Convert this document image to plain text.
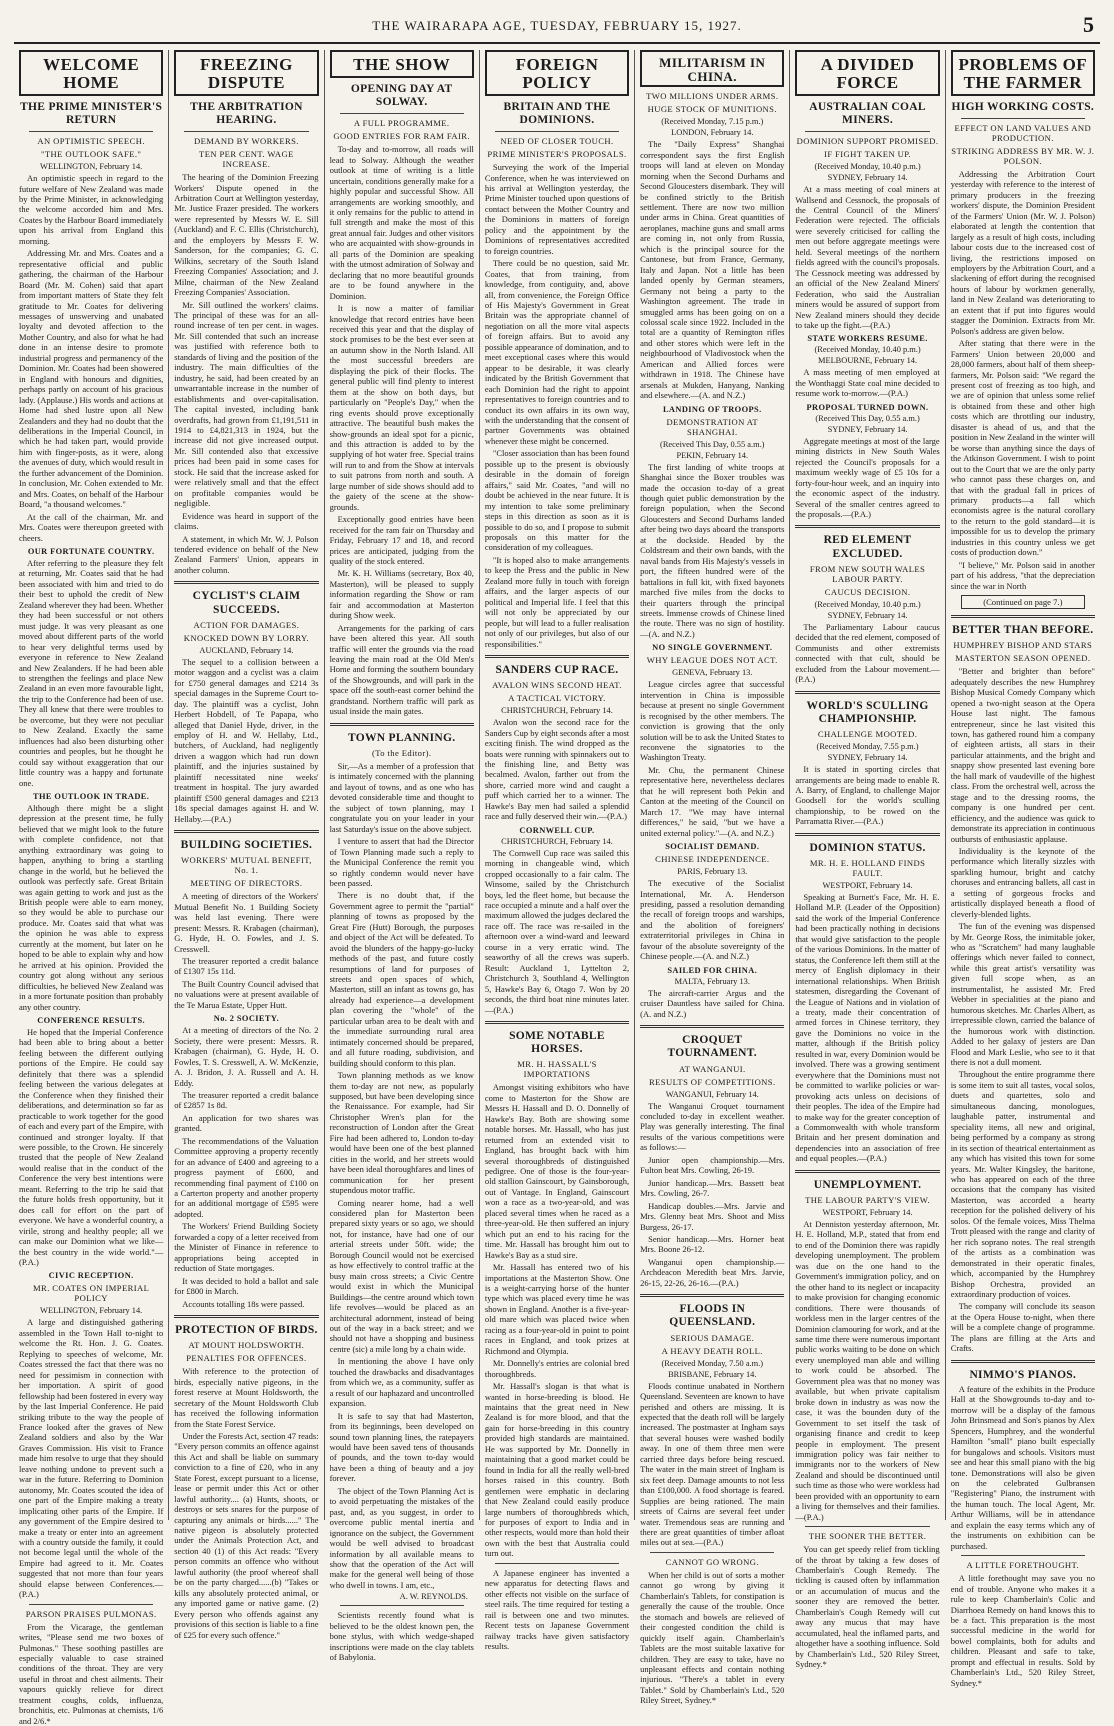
THE WAIRARAPA AGE, TUESDAY, FEBRUARY 15, 1927.	5
WELCOME HOME
THE PRIME MINISTER'S RETURN
AN OPTIMISTIC SPEECH.
"THE OUTLOOK SAFE."
WELLINGTON, February 14.

An optimistic speech in regard to the future welfare of New Zealand was made by the Prime Minister, in acknowledging the welcome accorded him and Mrs. Coates by the Harbour Board immediately upon his arrival from England this morning.

Addressing Mr. and Mrs. Coates and a representative official and public gathering, the chairman of the Harbour Board (Mr. M. Cohen) said that apart from important matters of State they felt gratitude to Mr. Coates for delivering messages of unswerving and unabated loyalty and devoted affection to the Mother Country, and also for what he had done in an intense desire to promote industrial progress and permanency of the Dominion. Mr. Coates had been showered in England with honours and dignities, perhaps partly on account of his gracious lady. (Applause.) His words and actions at Home had shed lustre upon all New Zealanders and they had no doubt that the deliberations in the Imperial Council, in which he had taken part, would provide him with finger-posts, as it were, along the avenues of duty, which would result in the further advancement of the Dominion. In conclusion, Mr. Cohen extended to Mr. and Mrs. Coates, on behalf of the Harbour Board, "a thousand welcomes."

At the call of the chairman, Mr. and Mrs. Coates were thereupon greeted with cheers.

OUR FORTUNATE COUNTRY.

After referring to the pleasure they felt at returning, Mr. Coates said that he had been associated with him and tried to do their best to uphold the credit of New Zealand wherever they had been. Whether they had been successful or not others must judge. It was very pleasant as one moved about different parts of the world to hear very delightful terms used by everyone in reference to New Zealand and New Zealanders. If he had been able to strengthen the feelings and place New Zealand in an even more favourable light, the trip to the Conference had been of use. They all knew that there were troubles to be overcome, but they were not peculiar to New Zealand. Exactly the same influences had also been disturbing other countries and peoples, but he thought he could say without exaggeration that our little country was a happy and fortunate one.

THE OUTLOOK IN TRADE.

Although there might be a slight depression at the present time, he fully believed that we might look to the future with complete confidence, not that anything extraordinary was going to happen, anything to bring a startling change in the world, but he believed the outlook was perfectly safe. Great Britain was again getting to work and just as the British people were able to earn money, so they would be able to purchase our produce. Mr. Coates said that what was the opinion he was able to express currently at the moment, but later on he hoped to be able to explain why and how he arrived at his opinion. Provided the country got along without any serious difficulties, he believed New Zealand was in a more fortunate position than probably any other country.

CONFERENCE RESULTS.

He hoped that the Imperial Conference had been able to bring about a better feeling between the different outlying portions of the Empire. He could say definitely that there was a splendid feeling between the various delegates at the Conference when they finished their deliberations, and determination so far as practicable to work together for the good of each and every part of the Empire, with continued and stronger loyalty. If that were possible, to the Crown. He sincerely trusted that the people of New Zealand would realise that in the conduct of the Conference the very best intentions were meant. Referring to the trip he said that the future holds fresh opportunity, but it does call for effort on the part of everyone. We have a wonderful country, a virile, strong and healthy people; all we can make our Dominion what we like—the best country in the wide world."—(P.A.)

CIVIC RECEPTION.
MR. COATES ON IMPERIAL POLICY
WELLINGTON, February 14.

A large and distinguished gathering assembled in the Town Hall to-night to welcome the Rt. Hon. J. G. Coates. Replying to speeches of welcome, Mr. Coates stressed the fact that there was no need for pessimism in connection with her importation. A spirit of good fellowship had been fostered in every way by the last Imperial Conference. He paid striking tribute to the way the people of France looked after the graves of New Zealand soldiers and also by the War Graves Commission. His visit to France made him resolve to urge that they should leave nothing undone to prevent such a war in the future. Referring to Dominion autonomy, Mr. Coates scouted the idea of one part of the Empire making a treaty implicating other parts of the Empire. If any government of the Empire desired to make a treaty or enter into an agreement with a country outside the family, it could not become legal until the whole of the Empire had agreed to it. Mr. Coates suggested that not more than four years should elapse between Conferences.—(P.A.)

PARSON PRAISES PULMONAS.

From the Vicarage, the gentleman writes, "Please send me two boxes of Pulmonas." These soothing pastilles are especially valuable to case strained conditions of the throat. They are very useful in throat and chest ailments. Their vapours quickly relieve for direct treatment coughs, colds, influenza, bronchitis, etc. Pulmonas at chemists, 1/6 and 2/6.*

FREEZING DISPUTE
THE ARBITRATION HEARING.
DEMAND BY WORKERS.
TEN PER CENT. WAGE INCREASE.

The hearing of the Dominion Freezing Workers' Dispute opened in the Arbitration Court at Wellington yesterday, Mr. Justice Frazer presided. The workers were represented by Messrs W. E. Sill (Auckland) and F. C. Ellis (Christchurch), and the employers by Messrs F. W. Sanderson, for the companies; G. C. Wilkins, secretary of the South Island Freezing Companies' Association; and J. Milne, chairman of the New Zealand Freezing Companies' Association.

Mr. Sill outlined the workers' claims. The principal of these was for an all-round increase of ten per cent. in wages. Mr. Sill contended that such an increase was justified with reference both to standards of living and the position of the industry. The main difficulties of the industry, he said, had been created by an unwarrantable increase in the number of establishments and over-capitalisation. The capital invested, including bank overdrafts, had grown from £1,191,511 in 1914 to £4,821,313 in 1924, but the increase did not give increased output. Mr. Sill contended also that excessive prices had been paid in some cases for stock. He said that the increase asked for were relatively small and that the effect on profitable companies would be negligible.

Evidence was heard in support of the claims.

A statement, in which Mr. W. J. Polson tendered evidence on behalf of the New Zealand Farmers' Union, appears in another column.

CYCLIST'S CLAIM SUCCEEDS.
ACTION FOR DAMAGES.
KNOCKED DOWN BY LORRY.
AUCKLAND, February 14.

The sequel to a collision between a motor waggon and a cyclist was a claim for £750 general damages and £214 3s special damages in the Supreme Court to-day. The plaintiff was a cyclist, John Herbert Hobdell, of Te Papapa, who alleged that Daniel Hyde, driver, in the employ of H. and W. Hellaby, Ltd., butchers, of Auckland, had negligently driven a waggon which had run down plaintiff, and the injuries sustained by plaintiff necessitated nine weeks' treatment in hospital. The jury awarded plaintiff £500 general damages and £213 18s special damages against H. and W. Hellaby.—(P.A.)

BUILDING SOCIETIES.
WORKERS' MUTUAL BENEFIT, No. 1.
MEETING OF DIRECTORS.

A meeting of directors of the Workers' Mutual Benefit No. 1 Building Society was held last evening. There were present: Messrs. R. Krabagen (chairman), G. Hyde, H. O. Fowles, and J. S. Cresswell.

The treasurer reported a credit balance of £1307 15s 11d.

The Built Country Council advised that no valuations were at present available of the Te Marua Estate, Upper Hutt.

No. 2 SOCIETY.

At a meeting of directors of the No. 2 Society, there were present: Messrs. R. Krabagen (chairman), G. Hyde, H. O. Fowles, T. S. Cresswell, A. W. McKenzie, A. J. Bridon, J. A. Russell and A. H. Eddy.

The treasurer reported a credit balance of £2857 1s 8d.

An application for two shares was granted.

The recommendations of the Valuation Committee approving a property recently for an advance of £400 and agreeing to a progress payment of £600, and recommending final payment of £100 on a Carterton property and another property for an additional mortgage of £595 were adopted.

The Workers' Friend Building Society forwarded a copy of a letter received from the Minister of Finance in reference to appropriations being accepted in reduction of State mortgages.

It was decided to hold a ballot and sale for £800 in March.

Accounts totalling 18s were passed.

PROTECTION OF BIRDS.
AT MOUNT HOLDSWORTH.
PENALTIES FOR OFFENCES.

With reference to the protection of birds, especially native pigeons, in the forest reserve at Mount Holdsworth, the secretary of the Mount Holdsworth Club has received the following information from the State Forest Service.

Under the Forests Act, section 47 reads: "Every person commits an offence against this Act and shall be liable on summary conviction to a fine of £20, who in any State Forest, except pursuant to a license, lease or permit under this Act or other lawful authority.... (a) Hunts, shoots, or destroys or sets snares for the purpose of capturing any animals or birds......" The native pigeon is absolutely protected under the Animals Protection Act, and section 40 (1) of this Act reads: "Every person commits an offence who without lawful authority (the proof whereof shall be on the party charged......(b) "Takes or kills any absolutely protected animal, or any imported game or native game. (2) Every person who offends against any provisions of this section is liable to a fine of £25 for every such offence."

THE SHOW
OPENING DAY AT SOLWAY.
A FULL PROGRAMME.
GOOD ENTRIES FOR RAM FAIR.

To-day and to-morrow, all roads will lead to Solway. Although the weather outlook at time of writing is a little uncertain, conditions generally make for a highly popular and successful Show. All arrangements are working smoothly, and it only remains for the public to attend in full strength and make the most of this great annual fair. Judges and other visitors who are acquainted with show-grounds in all parts of the Dominion are speaking with the utmost admiration of Solway and declaring that no more beautiful grounds are to be found anywhere in the Dominion.

It is now a matter of familiar knowledge that record entries have been received this year and that the display of stock promises to be the best ever seen at an autumn show in the North Island. All the most successful breeders are displaying the pick of their flocks. The general public will find plenty to interest them at the show on both days, but particularly on "People's Day," when the ring events should prove exceptionally attractive. The beautiful bush makes the show-grounds an ideal spot for a picnic, and this attraction is added to by the supplying of hot water free. Special trains will run to and from the Show at intervals to suit patrons from north and south. A large number of side shows should add to the gaiety of the scene at the show-grounds.

Exceptionally good entries have been received for the ram fair on Thursday and Friday, February 17 and 18, and record prices are anticipated, judging from the quality of the stock entered.

Mr. K. H. Williams (secretary, Box 40, Masterton), will be pleased to supply information regarding the Show or ram fair and accommodation at Masterton during Show week.

Arrangements for the parking of cars have been altered this year. All south traffic will enter the grounds via the road leaving the main road at the Old Men's Home and forming the southern boundary of the Showgrounds, and will park in the space off the south-east corner behind the grandstand. Northern traffic will park as usual inside the main gates.

TOWN PLANNING.
(To the Editor).

Sir,—As a member of a profession that is intimately concerned with the planning and layout of towns, and as one who has devoted considerable time and thought to the subject of town planning, may I congratulate you on your leader in your last Saturday's issue on the above subject.

I venture to assert that had the Director of Town Planning made such a reply to the Municipal Conference the remit you so rightly condemn would never have been passed.

There is no doubt that, if the Government agree to permit the "partial" planning of towns as proposed by the Great Fire (Hutt) Borough, the purposes and object of the Act will be defeated. To avoid the blunders of the happy-go-lucky methods of the past, and future costly resumptions of land for purposes of streets and open spaces of which, Masterton, still an infant as towns go, has already had experience—a development plan covering the "whole" of the particular urban area to be dealt with and the immediate surrounding rural area intimately concerned should be prepared, and all future roading, subdivision, and building should conform to this plan.

Town planning methods as we know them to-day are not new, as popularly supposed, but have been developing since the Renaissance. For example, had Sir Christopher Wren's plan for the reconstruction of London after the Great Fire had been adhered to, London to-day would have been one of the best planned cities in the world, and her streets would have been ideal thoroughfares and lines of communication for her present stupendous motor traffic.

Coming nearer home, had a well considered plan for Masterton been prepared sixty years or so ago, we should not, for instance, have had one of our arterial streets under 50ft. wide; the Borough Council would not be exercised as how effectively to control traffic at the busy main cross streets; a Civic Centre would exist in which the Municipal Buildings—the centre around which town life revolves—would be placed as an architectural adornment, instead of being out of the way in a back street; and we should not have a shopping and business centre (sic) a mile long by a chain wide.

In mentioning the above I have only touched the drawbacks and disadvantages from which we, as a community, suffer as a result of our haphazard and uncontrolled expansion.

It is safe to say that had Masterton, from its beginnings, been developed on sound town planning lines, the ratepayers would have been saved tens of thousands of pounds, and the town to-day would have been a thing of beauty and a joy forever.

The object of the Town Planning Act is to avoid perpetuating the mistakes of the past, and, as you suggest, in order to overcome public mental inertia and ignorance on the subject, the Government would be well advised to broadcast information by all available means to show that the operation of the Act will make for the general well being of those who dwell in towns. I am, etc.,

A. W. REYNOLDS.

Scientists recently found what is believed to be the oldest known pen, the bone stylus, with which wedge-shaped inscriptions were made on the clay tablets of Babylonia.

FOREIGN POLICY
BRITAIN AND THE DOMINIONS.
NEED OF CLOSER TOUCH.
PRIME MINISTER'S PROPOSALS.

Surveying the work of the Imperial Conference, when he was interviewed on his arrival at Wellington yesterday, the Prime Minister touched upon questions of contact between the Mother Country and the Dominions in matters of foreign policy and the appointment by the Dominions of representatives accredited to foreign countries.

There could be no question, said Mr. Coates, that from training, from knowledge, from contiguity, and, above all, from convenience, the Foreign Office of His Majesty's Government in Great Britain was the appropriate channel of negotiation on all the more vital aspects of foreign affairs. But to avoid any possible appearance of domination, and to meet exceptional cases where this would appear to be desirable, it was clearly indicated by the British Government that each Dominion had the right to appoint representatives to foreign countries and to conduct its own affairs in its own way, with the understanding that the consent of partner Governments was obtained whenever these might be concerned.

"Closer association than has been found possible up to the present is obviously desirable in the domain of foreign affairs," said Mr. Coates, "and will no doubt be achieved in the near future. It is my intention to take some preliminary steps in this direction as soon as it is possible to do so, and I propose to submit proposals on this matter for the consideration of my colleagues.

"It is hoped also to make arrangements to keep the Press and the public in New Zealand more fully in touch with foreign affairs, and the larger aspects of our political and Imperial life. I feel that this will not only be appreciated by our people, but will lead to a fuller realisation not only of our privileges, but also of our responsibilities."

SANDERS CUP RACE.
AVALON WINS SECOND HEAT.
A TACTICAL VICTORY.
CHRISTCHURCH, February 14.

Avalon won the second race for the Sanders Cup by eight seconds after a most exciting finish. The wind dropped as the boats were running with spinnakers out to the finishing line, and Betty was becalmed. Avalon, farther out from the shore, carried more wind and caught a puff which carried her to a winner. The Hawke's Bay men had sailed a splendid race and fully deserved their win.—(P.A.)

CORNWELL CUP.
CHRISTCHURCH, February 14.

The Cornwell Cup race was sailed this morning in changeable wind, which cropped occasionally to a fair calm. The Winsome, sailed by the Christchurch boys, led the fleet home, but because the race occupied a minute and a half over the maximum allowed the judges declared the race off. The race was re-sailed in the afternoon over a wind-ward and leeward course in a very erratic wind. The seaworthy of all the crews was superb. Result: Auckland 1, Lyttelton 2, Christchurch 3, Southland 4, Wellington 5, Hawke's Bay 6, Otago 7. Won by 20 seconds, the third boat nine minutes later.—(P.A.)

SOME NOTABLE HORSES.
MR. H. HASSALL'S IMPORTATIONS

Amongst visiting exhibitors who have come to Masterton for the Show are Messrs H. Hassall and D. O. Donnelly of Hawke's Bay. Both are showing some notable horses. Mr. Hassall, who has just returned from an extended visit to England, has brought back with him several thoroughbreds of distinguished pedigree. One of those is the four-year-old stallion Gainscourt, by Gainsborough, out of Vantage. In England, Gainscourt won a race as a two-year-old, and was placed several times when he raced as a three-year-old. He then suffered an injury which put an end to his racing for the time. Mr. Hassall has brought him out to Hawke's Bay as a stud sire.

Mr. Hassall has entered two of his importations at the Masterton Show. One is a weight-carrying horse of the hunter type which was placed every time he was shown in England. Another is a five-year-old mare which was placed twice when racing as a four-year-old in point to point races in England, and took prizes at Richmond and Olympia.

Mr. Donnelly's entries are colonial bred thoroughbreds.

Mr. Hassall's slogan is that what is wanted in horse-breeding is blood. He maintains that the great need in New Zealand is for more blood, and that the gain for horse-breeding in this country provided high standards are maintained. He was supported by Mr. Donnelly in maintaining that a good market could be found in India for all the really well-bred horses raised in this country. Both gentlemen were emphatic in declaring that New Zealand could easily produce large numbers of thoroughbreds which, for purposes of export to India and in other respects, would more than hold their own with the best that Australia could turn out.

A Japanese engineer has invented a new apparatus for detecting flaws and other effects not visible on the surface of steel rails. The time required for testing a rail is between one and two minutes. Recent tests on Japanese Government railway tracks have given satisfactory results.

MILITARISM IN CHINA.
TWO MILLIONS UNDER ARMS.
HUGE STOCK OF MUNITIONS.
(Received Monday, 7.15 p.m.)
LONDON, February 14.

The "Daily Express" Shanghai correspondent says the first English troops will land at eleven on Monday morning when the Second Durhams and Second Gloucesters disembark. They will be confined strictly to the British settlement. There are now two million under arms in China. Great quantities of aeroplanes, machine guns and small arms are coming in, not only from Russia, which is the principal source for the Cantonese, but from France, Germany, Italy and Japan. Not a little has been landed openly by German steamers, Germany not being a party to the Washington agreement. The trade in smuggled arms has been going on on a colossal scale since 1922. Included in the total are a quantity of Remington rifles and other stores which were left in the neighbourhood of Vladivostock when the American and Allied forces were withdrawn in 1918. The Chinese have arsenals at Mukden, Hanyang, Nanking and elsewhere.—(A. and N.Z.)

LANDING OF TROOPS.
DEMONSTRATION AT SHANGHAI.
(Received This Day, 0.55 a.m.)
PEKIN, February 14.

The first landing of white troops at Shanghai since the Boxer troubles was made the occasion to-day of a great though quiet public demonstration by the foreign population, when the Second Gloucesters and Second Durhams landed after being two days aboard the transports at the dockside. Headed by the Coldstream and their own bands, with the naval bands from His Majesty's vessels in port, the fifteen hundred were of the battalions in full kit, with fixed bayonets marched five miles from the docks to their quarters through the principal streets. Immense crowds of Chinese lined the route. There was no sign of hostility.—(A. and N.Z.)

NO SINGLE GOVERNMENT.
WHY LEAGUE DOES NOT ACT.
GENEVA, February 13.

League circles agree that successful intervention in China is impossible because at present no single Government is recognised by the other members. The conviction is growing that the only solution will be to ask the United States to reconvene the signatories to the Washington Treaty.

Mr. Chu, the permanent Chinese representative here, nevertheless declares that he will represent both Pekin and Canton at the meeting of the Council on March 17. "We may have internal differences," he said, "but we have a united external policy."—(A. and N.Z.)

SOCIALIST DEMAND.
CHINESE INDEPENDENCE.
PARIS, February 13.

The executive of the Socialist International, Mr. A. Henderson presiding, passed a resolution demanding the recall of foreign troops and warships, and the abolition of foreigners' extraterritorial privileges in China in favour of the absolute sovereignty of the Chinese people.—(A. and N.Z.)

SAILED FOR CHINA.
MALTA, February 13.

The aircraft-carrier Argus and the cruiser Dauntless have sailed for China. (A. and N.Z.)

CROQUET TOURNAMENT.
AT WANGANUI.
RESULTS OF COMPETITIONS.
WANGANUI, February 14.

The Wanganui Croquet tournament concluded to-day in excellent weather. Play was generally interesting. The final results of the various competitions were as follows:—

Junior open championship.—Mrs. Fulton beat Mrs. Cowling, 26-19.

Junior handicap.—Mrs. Bassett beat Mrs. Cowling, 26-7.

Handicap doubles.—Mrs. Jarvie and Mrs. Glenny beat Mrs. Shoot and Miss Burgess, 26-17.

Senior handicap.—Mrs. Horner beat Mrs. Boone 26-12.

Wanganui open championship.—Archdeacon Meredith beat Mrs. Jarvie, 26-15, 22-26, 26-16.—(P.A.)

FLOODS IN QUEENSLAND.
SERIOUS DAMAGE.
A HEAVY DEATH ROLL.
(Received Monday, 7.50 a.m.)
BRISBANE, February 14.

Floods continue unabated in Northern Queensland. Seventeen are known to have perished and others are missing. It is expected that the death roll will be largely increased. The postmaster at Ingham says that several houses were washed bodily away. In one of them three men were carried three days before being rescued. The water in the main street of Ingham is six feet deep. Damage amounts to not less than £100,000. A food shortage is feared. Supplies are being rationed. The main streets of Cairns are several feet under water. Tremendous seas are running and there are great quantities of timber afloat miles out at sea.—(P.A.)

CANNOT GO WRONG.

When her child is out of sorts a mother cannot go wrong by giving it Chamberlain's Tablets, for constipation is generally the cause of the trouble. Once the stomach and bowels are relieved of their congested condition the child is quickly itself again. Chamberlain's Tablets are the most suitable laxative for children. They are easy to take, have no unpleasant effects and contain nothing injurious. "There's a tablet in every Tablet." Sold by Chamberlain's Ltd., 520 Riley Street, Sydney.*

A DIVIDED FORCE
AUSTRALIAN COAL MINERS.
DOMINION SUPPORT PROMISED.
IF FIGHT TAKEN UP.
(Received Monday, 10.40 p.m.)
SYDNEY, February 14.

At a mass meeting of coal miners at Wallsend and Cessnock, the proposals of the Central Council of the Miners' Federation were rejected. The officials were severely criticised for calling the men out before aggregate meetings were held. Several meetings of the northern fields agreed with the council's proposals. The Cessnock meeting was addressed by an official of the New Zealand Miners' Federation, who said the Australian miners would be assured of support from New Zealand miners should they decide to take up the fight.—(P.A.)

STATE WORKERS RESUME.
(Received Monday, 10.40 p.m.)
MELBOURNE, February 14.

A mass meeting of men employed at the Wonthaggi State coal mine decided to resume work to-morrow.—(P.A.)

PROPOSAL TURNED DOWN.
(Received This Day, 0.55 a.m.)
SYDNEY, February 14.

Aggregate meetings at most of the large mining districts in New South Wales rejected the Council's proposals for a maximum weekly wage of £5 10s for a forty-four-hour week, and an inquiry into the economic aspect of the industry. Several of the smaller centres agreed to the proposals.—(P.A.)

RED ELEMENT EXCLUDED.
FROM NEW SOUTH WALES LABOUR PARTY.
CAUCUS DECISION.
(Received Monday, 10.40 p.m.)
SYDNEY, February 14.

The Parliamentary Labour caucus decided that the red element, composed of Communists and other extremists connected with that cult, should be excluded from the Labour movement.—(P.A.)

WORLD'S SCULLING CHAMPIONSHIP.
CHALLENGE MOOTED.
(Received Monday, 7.55 p.m.)
SYDNEY, February 14.

It is stated in sporting circles that arrangements are being made to enable R. A. Barry, of England, to challenge Major Goodsell for the world's sculling championship, to be rowed on the Parramatta River.—(P.A.)

DOMINION STATUS.
MR. H. E. HOLLAND FINDS FAULT.
WESTPORT, February 14.

Speaking at Burnett's Face, Mr. H. E. Holland M.P. (Leader of the Opposition) said the work of the Imperial Conference had been practically nothing in decisions that would give satisfaction to the people of the various Dominions. In the matter of status, the Conference left them still at the mercy of English diplomacy in their international relationships. When British statesmen, disregarding the Covenant of the League of Nations and in violation of a treaty, made their concentration of armed forces in Chinese territory, they gave the Dominions no voice in the matter, although if the British policy resulted in war, every Dominion would be involved. There was a growing sentiment everywhere that the Dominions must not be committed to warlike policies or war-provoking acts unless on decisions of their peoples. The idea of the Empire had to make way for the greater conception of a Commonwealth with whole transform Britain and her present domination and dependencies into an association of free and equal peoples.—(P.A.)

UNEMPLOYMENT.
THE LABOUR PARTY'S VIEW.
WESTPORT, February 14.

At Denniston yesterday afternoon, Mr. H. E. Holland, M.P., stated that from end to end of the Dominion there was rapidly developing unemployment. The problem was due on the one hand to the Government's immigration policy, and on the other hand to its neglect or incapacity to make provision for changing economic conditions. There were thousands of workless men in the larger centres of the Dominion clamouring for work, and at the same time there were numerous important public works waiting to be done on which every unemployed man able and willing to work could be absorbed. The Government plea was that no money was available, but when private capitalism broke down in industry as was now the case, it was the bounden duty of the Government to set itself the task of organising finance and credit to keep people in employment. The present immigration policy was fair neither to immigrants nor to the workers of New Zealand and should be discontinued until such time as those who were workless had been provided with an opportunity to earn a living for themselves and their families.—(P.A.)

THE SOONER THE BETTER.

You can get speedy relief from tickling of the throat by taking a few doses of Chamberlain's Cough Remedy. The tickling is caused often by inflammation or an accumulation of mucus and the sooner they are removed the better. Chamberlain's Cough Remedy will cut away any mucus that may have accumulated, heal the inflamed parts, and altogether have a soothing influence. Sold by Chamberlain's Ltd., 520 Riley Street, Sydney.*

PROBLEMS OF THE FARMER
HIGH WORKING COSTS.
EFFECT ON LAND VALUES AND PRODUCTION.
STRIKING ADDRESS BY MR. W. J. POLSON.

Addressing the Arbitration Court yesterday with reference to the interest of primary producers in the freezing workers' dispute, the Dominion President of the Farmers' Union (Mr. W. J. Polson) elaborated at length the contention that largely as a result of high costs, including labour costs due to the increased cost of living, the restrictions imposed on employers by the Arbitration Court, and a slackening of effort during the recognised hours of labour by workmen generally, land in New Zealand was deteriorating to an extent that if put into figures would stagger the Dominion. Extracts from Mr. Polson's address are given below.

After stating that there were in the Farmers' Union between 20,000 and 28,000 farmers, about half of them sheep-farmers, Mr. Polson said: "We regard the present cost of freezing as too high, and we are of opinion that unless some relief is obtained from these and other high costs which are throttling our industry, disaster is ahead of us, and that the position in New Zealand in the winter will be worse than anything since the days of the Atkinson Government. I wish to point out to the Court that we are the only party who cannot pass these charges on, and that with the gradual fall in prices of primary products—a fall which economists agree is the natural corollary to the return to the gold standard—it is impossible for us to develop the primary industries in this country unless we get costs of production down."

"I believe," Mr. Polson said in another part of his address, "that the depreciation since the war in North

(Continued on page 7.)
BETTER THAN BEFORE.
HUMPHREY BISHOP AND STARS
MASTERTON SEASON OPENED.

"Better and brighter than before" adequately describes the new Humphrey Bishop Musical Comedy Company which opened a two-night season at the Opera House last night. The famous entrepreneur, since he last visited this town, has gathered round him a company of eighteen artists, all stars in their particular attainments, and the bright and snappy show presented last evening bore the hall mark of vaudeville of the highest class. From the orchestral well, across the stage and to the dressing rooms, the company is one hundred per cent. efficiency, and the audience was quick to demonstrate its appreciation in continuous outbursts of enthusiastic applause.

Individuality is the keynote of the performance which literally sizzles with sparkling humour, bright and catchy choruses and entrancing ballets, all cast in a setting of gorgeous frocks and artistically displayed beneath a flood of cleverly-blended lights.

The fun of the evening was dispensed by Mr. George Ross, the inimitable joker, who as "Scratchem" had many laughable offerings which never failed to connect, while this great artist's versatility was given full scope when, as an instrumentalist, he assisted Mr. Fred Webber in specialities at the piano and humorous sketches. Mr. Charles Albert, as irrepressible clown, carried the balance of the humorous work with distinction. Added to her galaxy of jesters are Dan Flood and Mark Leslie, who see to it that there is not a dull moment.

Throughout the entire programme there is some item to suit all tastes, vocal solos, duets and quartettes, solo and simultaneous dancing, monologues, laughable patter, instrumental and speciality items, all new and original, being performed by a company as strong in its section of theatrical entertainment as any which has visited this town for some years. Mr. Walter Kingsley, the baritone, who has appeared on each of the three occasions that the company has visited Masterton, was accorded a hearty reception for the polished delivery of his solos. Of the female voices, Miss Thelma Trott pleased with the range and clarity of her rich soprano notes. The real strength of the artists as a combination was demonstrated in their operatic finales, which, accompanied by the Humphrey Bishop Orchestra, provided an extraordinary production of voices.

The company will conclude its season at the Opera House to-night, when there will be a complete change of programme. The plans are filling at the Arts and Crafts.

NIMMO'S PIANOS.

A feature of the exhibits in the Produce Hall at the Showgrounds to-day and to-morrow will be a display of the famous John Brinsmead and Son's pianos by Alex Spencers, Humphrey, and the wonderful Hamilton "small" piano built especially for bungalows and schools. Visitors must see and hear this small piano with the big tone. Demonstrations will also be given on the celebrated Gulbransen "Registering" Piano, the instrument with the human touch. The local Agent, Mr. Arthur Williams, will be in attendance and explain the easy terms which any of the instruments on exhibition can be purchased.

A LITTLE FORETHOUGHT.

A little forethought may save you no end of trouble. Anyone who makes it a rule to keep Chamberlain's Colic and Diarrhoea Remedy on hand knows this to be a fact. This preparation is the most successful medicine in the world for bowel complaints, both for adults and children. Pleasant and safe to take, prompt and effectual in results. Sold by Chamberlain's Ltd., 520 Riley Street, Sydney.*
